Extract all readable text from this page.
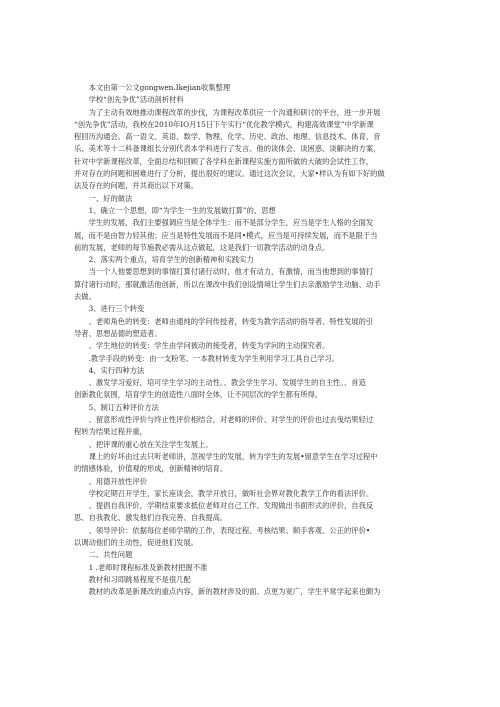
本文由第一公文gongwen.Ikejian收集整理
学校“创先争优”活动剖析材料
为了主动有效地推动课程改革的步伐，为课程改革供应一个沟通和研讨的平台，进一步开展
“创先争优”活动，我校在2010年IO月15日下午实行“优化教学模式，构建高效课堂”中学新课
程回历沟通会。高一语文、英语、数学、物理、化学、历史、政治、地理、信息技术、体育、音
乐、美术等十二科备课组长分别代表本学科进行了发言。他的谈体会、谈困惑、谈解决的方案，
针对中学新课程改革，全面总结和回顾了各学科在新课程实施方面所做的大破的会试性工作，
并对存在的问题和困难进行了分析，提出很好的建议。通过这次会议，大家•样认为有如下好的做
法及存在的问题，并共商出以下对策。
一、好的做法
1、确立一个思想，即“为学生一生的发展做打算”的、思想
学生的发展，我们主要强调应当是全体学生：而不是部分学生，应当是学生人格的全面发
展，而不是由智力轻其他；应当是特性发展而不是同•模式，应当是可持续发展，而不是限于当
前的发展，老师的每节施教必需从这点做起，这是我们一切教学活动的动身点。
2、落实两个重点，培育学生的创新精神和实践实力
当一个人他要思想到的事情打算付诸行动时，他才有动力，有激情，而当他想到的事情打
算付诸行动时，那就激活他创新，所以在课改中我们创设情境让学生们去亲激励学生动脑、动手
去做。
3、进行三个转变
、老师角色的转变：老师由通纯的学问传授者，转变为教学活动的指导者、特性发展的引
导者、思想品德的塑造者。
、学生地位的转变：学生由学问被动的接受者，转变为学问的主动探究者。
.教学手段的转变：由一支粉笔、一本教材转变为学生利用学习工具自己学习。
4、实行四种方法
、激发学习爱好，培可学生学习的主动性。、教会学生学习、发展学生的自主性。、首造
创新教化氛围，培育学生的创造性八面时全体，让不同层次的学生都有所得。
5、制订五种评价方法
、留意形成性评价与终止性评价相结合，对老师的评价、对学生的评价也过去曳结果轻过
程转为结果过程并重，
、把评课的重心放在关注学生发展上。
课上的好坏由过去只听老师讲，忽视学生的发展，转为学生的发展•留意学生在学习过程中
的情感体验，价值观的形成，创新精神的培育。
、用德开放性评价
学校定期召开学生，家长座谈会，教学开放日，做听社会界对教化教学工作的看法评价。
、提倡自我评价，学期结束要求抵位老师对自己工作、发现做出书面形式的评价，自我反
思、自我教化、激发他们自我完善、自我提高。
、领导评价：依据每位老师学期的工作，表现过程、考核结果、顺手客观、公正的评价•
以调动他们的主动性，促进他们发展。
二、共性问题
1 .老师时课程标准及新教材把握不准
教材和习即跳易程度不是很几配
教材的改革是新课改的重点内容，新的教材涉及的面、点更为宽广，学生平常学起来也颇为
